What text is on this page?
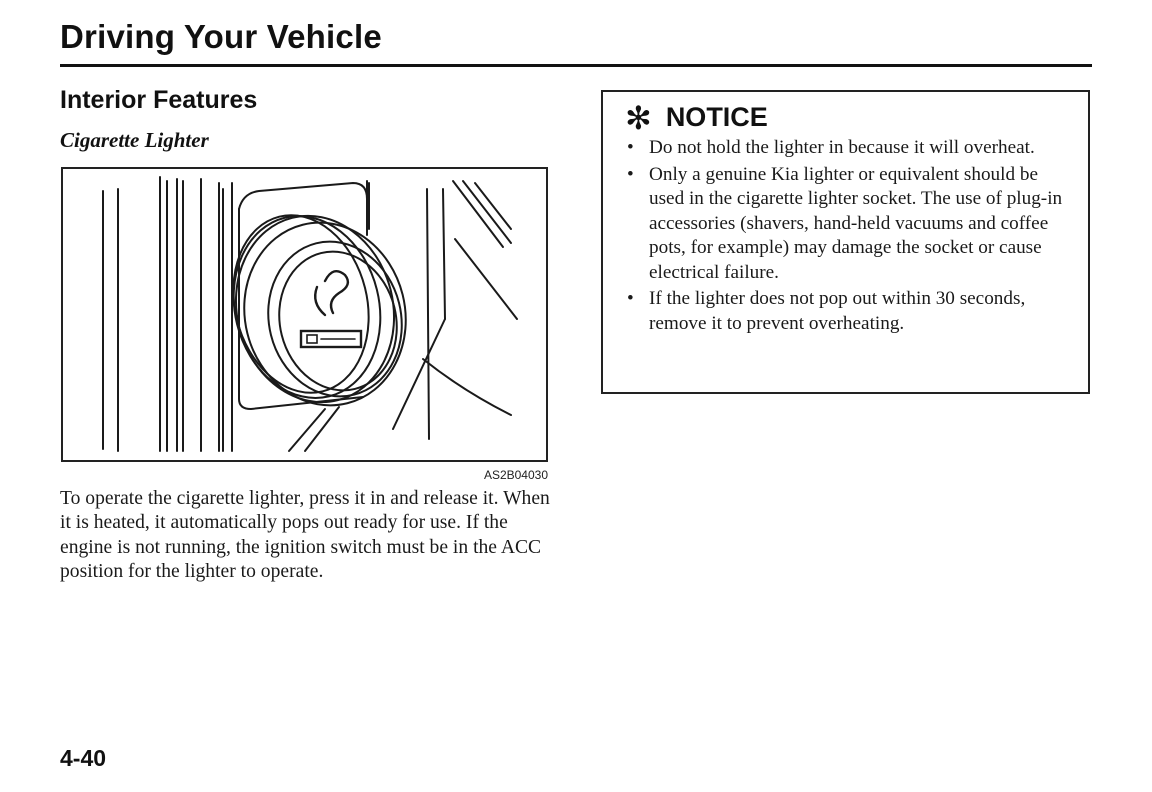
Driving Your Vehicle
Interior Features
Cigarette Lighter
AS2B04030

To operate the cigarette lighter, press it in and release it. When it is heated, it automatically pops out ready for use. If the engine is not running, the ignition switch must be in the ACC position for the lighter to operate.

✻ NOTICE
• Do not hold the lighter in because it will overheat.
• Only a genuine Kia lighter or equivalent should be used in the cigarette lighter socket. The use of plug-in accessories (shavers, hand-held vacuums and coffee pots, for example) may damage the socket or cause electrical failure.
• If the lighter does not pop out within 30 seconds, remove it to prevent overheating.

4-40
